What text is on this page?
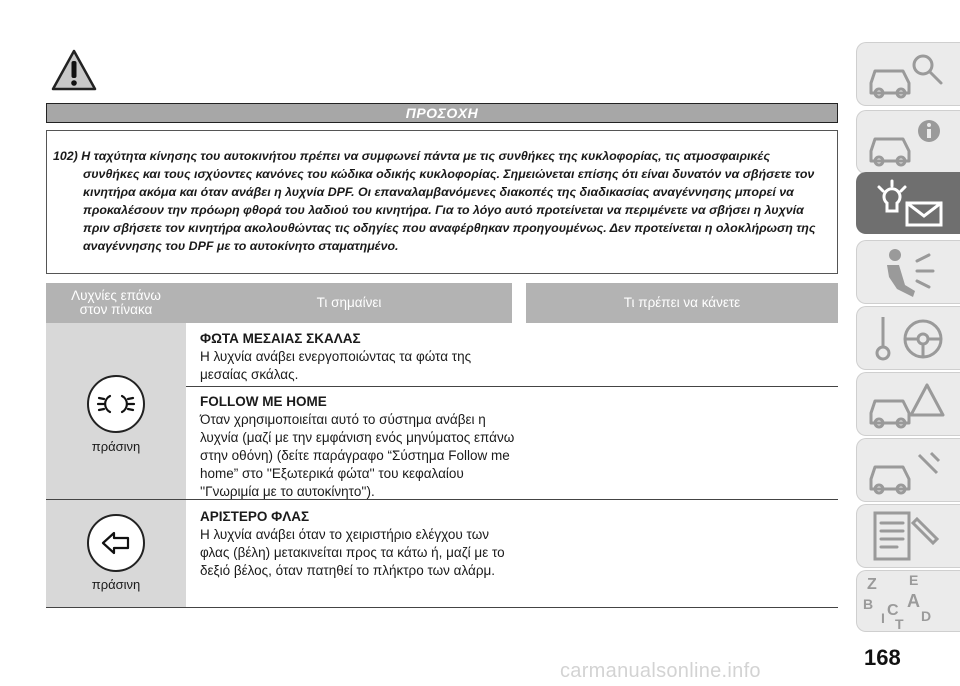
ΠΡΟΣΟΧΗ

102) Η ταχύτητα κίνησης του αυτοκινήτου πρέπει να συμφωνεί πάντα με τις συνθήκες της κυκλοφορίας, τις ατμοσφαιρικές συνθήκες και τους ισχύοντες κανόνες του κώδικα οδικής κυκλοφορίας. Σημειώνεται επίσης ότι είναι δυνατόν να σβήσετε τον κινητήρα ακόμα και όταν ανάβει η λυχνία DPF. Οι επαναλαμβανόμενες διακοπές της διαδικασίας αναγέννησης μπορεί να προκαλέσουν την πρόωρη φθορά του λαδιού του κινητήρα. Για το λόγο αυτό προτείνεται να περιμένετε να σβήσει η λυχνία πριν σβήσετε τον κινητήρα ακολουθώντας τις οδηγίες που αναφέρθηκαν προηγουμένως. Δεν προτείνεται η ολοκλήρωση της αναγέννησης του DPF με το αυτοκίνητο σταματημένο.

Λυχνίες επάνω στον πίνακα	Τι σημαίνει	Τι πρέπει να κάνετε
πράσινη
ΦΩΤΑ ΜΕΣΑΙΑΣ ΣΚΑΛΑΣ
Η λυχνία ανάβει ενεργοποιώντας τα φώτα της μεσαίας σκάλας.
FOLLOW ME HOME
Όταν χρησιμοποιείται αυτό το σύστημα ανάβει η λυχνία (μαζί με την εμφάνιση ενός μηνύματος επάνω στην οθόνη) (δείτε παράγραφο “Σύστημα Follow me home” στο ''Εξωτερικά φώτα'' του κεφαλαίου ''Γνωριμία με το αυτοκίνητο'').
πράσινη
ΑΡΙΣΤΕΡΟ ΦΛΑΣ
Η λυχνία ανάβει όταν το χειριστήριο ελέγχου των φλας (βέλη) μετακινείται προς τα κάτω ή, μαζί με το δεξιό βέλος, όταν πατηθεί το πλήκτρο των αλάρμ.
Z E
B A
I C
T D
168
carmanualsonline.info
